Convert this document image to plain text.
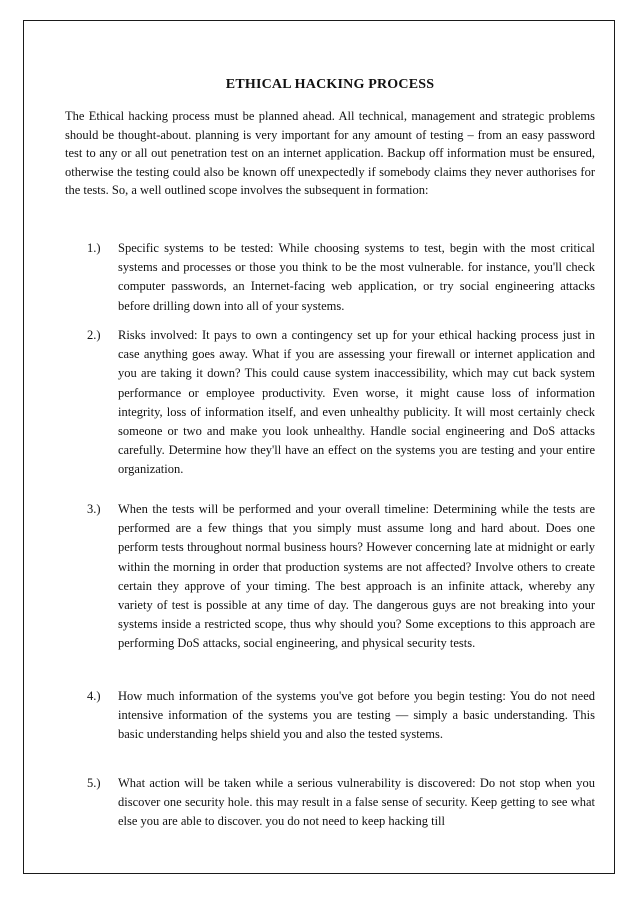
ETHICAL HACKING PROCESS

The Ethical hacking process must be planned ahead. All technical, management and strategic problems should be thought-about. planning is very important for any amount of testing – from an easy password test to any or all out penetration test on an internet application. Backup off information must be ensured, otherwise the testing could also be known off unexpectedly if somebody claims they never authorises for the tests. So, a well outlined scope involves the subsequent in formation:

1.)	Specific systems to be tested: While choosing systems to test, begin with the most critical systems and processes or those you think to be the most vulnerable. for instance, you'll check computer passwords, an Internet-facing web application, or try social engineering attacks before drilling down into all of your systems.

2.)	Risks involved: It pays to own a contingency set up for your ethical hacking process just in case anything goes away. What if you are assessing your firewall or internet application and you are taking it down? This could cause system inaccessibility, which may cut back system performance or employee productivity. Even worse, it might cause loss of information integrity, loss of information itself, and even unhealthy publicity. It will most certainly check someone or two and make you look unhealthy. Handle social engineering and DoS attacks carefully. Determine how they'll have an effect on the systems you are testing and your entire organization.

3.)	When the tests will be performed and your overall timeline: Determining while the tests are performed are a few things that you simply must assume long and hard about. Does one perform tests throughout normal business hours? However concerning late at midnight or early within the morning in order that production systems are not affected? Involve others to create certain they approve of your timing. The best approach is an infinite attack, whereby any variety of test is possible at any time of day. The dangerous guys are not breaking into your systems inside a restricted scope, thus why should you? Some exceptions to this approach are performing DoS attacks, social engineering, and physical security tests.

4.)	How much information of the systems you've got before you begin testing: You do not need intensive information of the systems you are testing — simply a basic understanding. This basic understanding helps shield you and also the tested systems.

5.)	What action will be taken while a serious vulnerability is discovered: Do not stop when you discover one security hole. this may result in a false sense of security. Keep getting to see what else you are able to discover. you do not need to keep hacking till
